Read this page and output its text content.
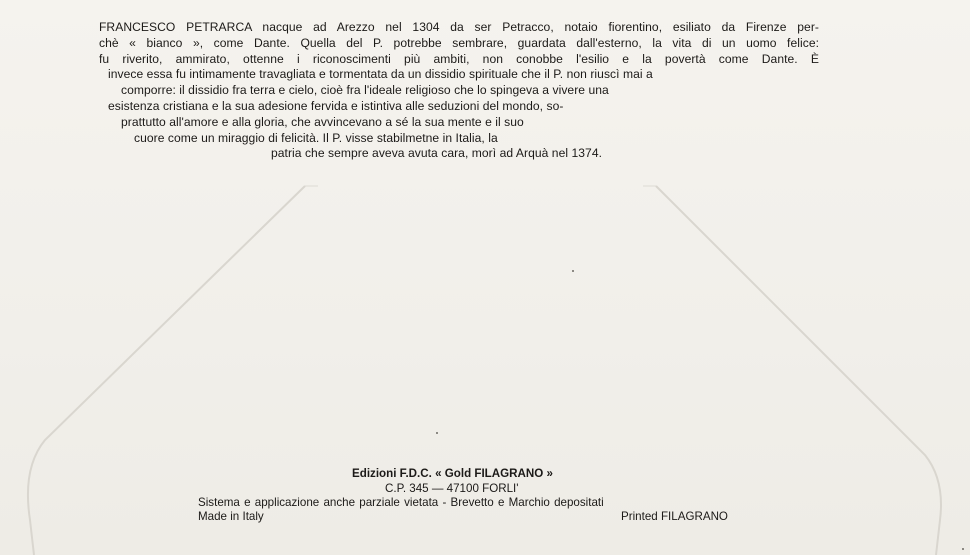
FRANCESCO PETRARCA nacque ad Arezzo nel 1304 da ser Petracco, notaio fiorentino, esiliato da Firenze per-
chè « bianco », come Dante. Quella del P. potrebbe sembrare, guardata dall'esterno, la vita di un uomo felice:
fu riverito, ammirato, ottenne i riconoscimenti più ambiti, non conobbe l'esilio e la povertà come Dante. È
invece essa fu intimamente travagliata e tormentata da un dissidio spirituale che il P. non riuscì mai a
comporre: il dissidio fra terra e cielo, cioè fra l'ideale religioso che lo spingeva a vivere una
esistenza cristiana e la sua adesione fervida e istintiva alle seduzioni del mondo, so-
prattutto all'amore e alla gloria, che avvincevano a sé la sua mente e il suo
cuore come un miraggio di felicità. Il P. visse stabilmetne in Italia, la
patria che sempre aveva avuta cara, morì ad Arquà nel 1374.
Edizioni F.D.C. « Gold FILAGRANO »
C.P. 345 — 47100 FORLI'
Sistema e applicazione anche parziale vietata - Brevetto e Marchio depositati
Made in Italy	Printed FILAGRANO
